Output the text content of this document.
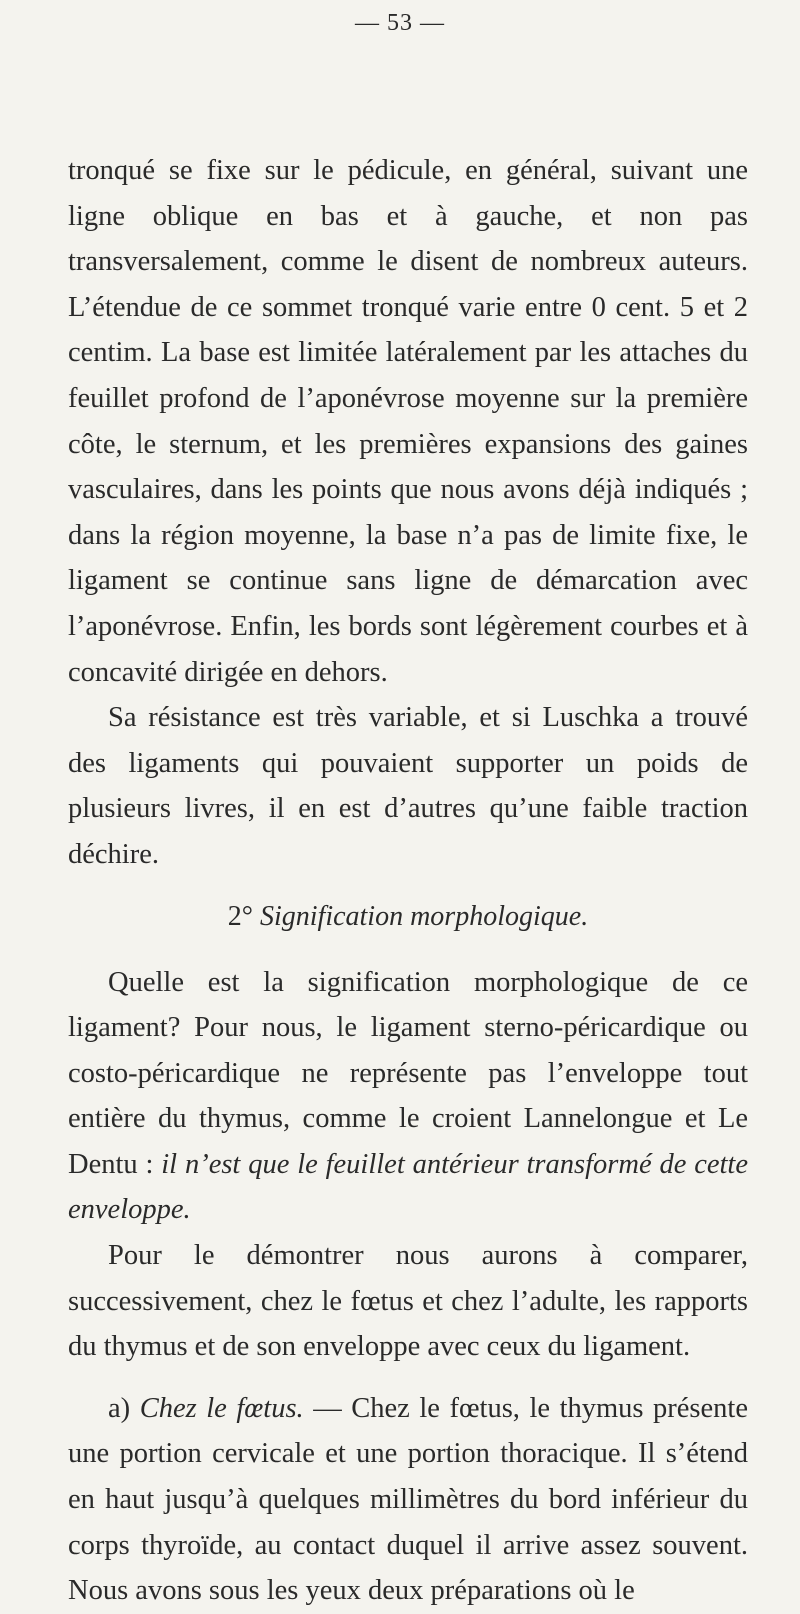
— 53 —

tronqué se fixe sur le pédicule, en général, suivant une ligne oblique en bas et à gauche, et non pas transversalement, comme le disent de nombreux auteurs. L’étendue de ce sommet tronqué varie entre 0 cent. 5 et 2 centim. La base est limitée latéralement par les attaches du feuillet profond de l’aponévrose moyenne sur la première côte, le sternum, et les premières expansions des gaines vasculaires, dans les points que nous avons déjà indiqués ; dans la région moyenne, la base n’a pas de limite fixe, le ligament se continue sans ligne de démarcation avec l’aponévrose. Enfin, les bords sont légèrement courbes et à concavité dirigée en dehors.

Sa résistance est très variable, et si Luschka a trouvé des ligaments qui pouvaient supporter un poids de plusieurs livres, il en est d’autres qu’une faible traction déchire.

2° Signification morphologique.

Quelle est la signification morphologique de ce ligament? Pour nous, le ligament sterno-péricardique ou costo-péricardique ne représente pas l’enveloppe tout entière du thymus, comme le croient Lannelongue et Le Dentu : il n’est que le feuillet antérieur transformé de cette enveloppe.

Pour le démontrer nous aurons à comparer, successivement, chez le fœtus et chez l’adulte, les rapports du thymus et de son enveloppe avec ceux du ligament.

a) Chez le fœtus. — Chez le fœtus, le thymus présente une portion cervicale et une portion thoracique. Il s’étend en haut jusqu’à quelques millimètres du bord inférieur du corps thyroïde, au contact duquel il arrive assez souvent. Nous avons sous les yeux deux préparations où le
